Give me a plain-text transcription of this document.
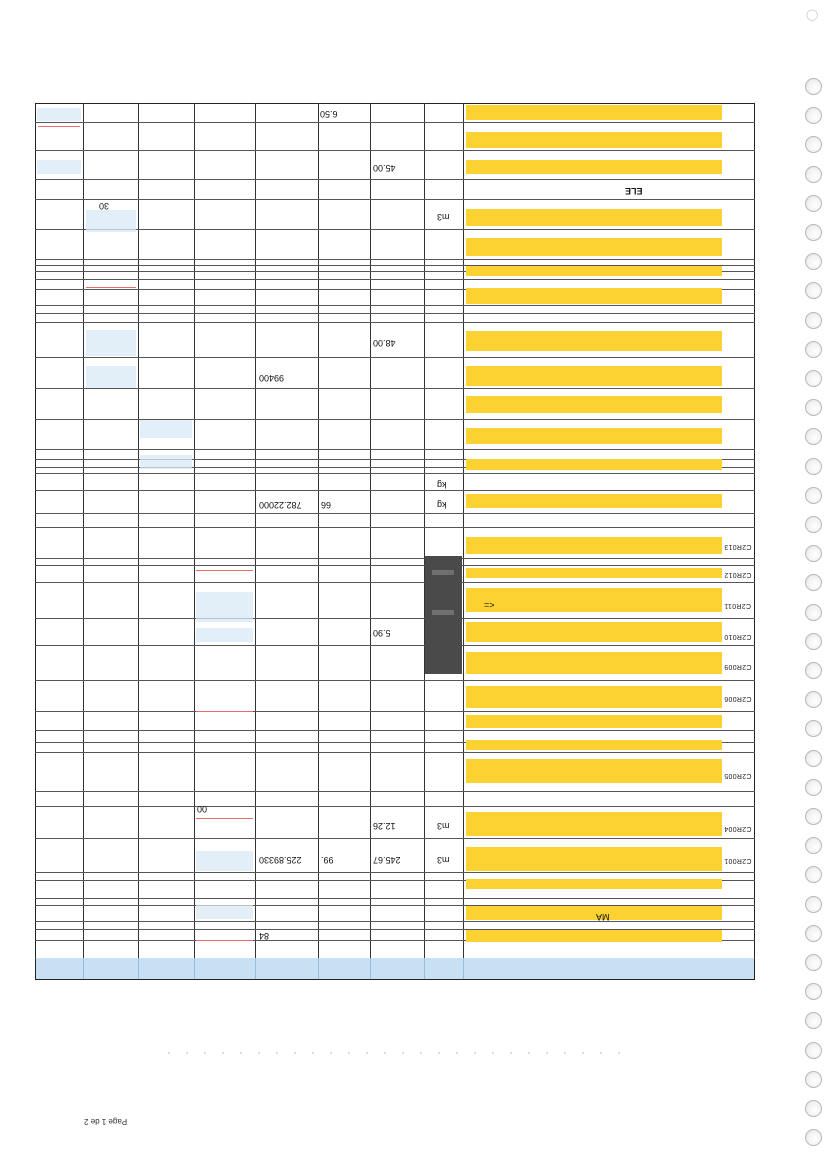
◯
6.50
45.00
30
48.00
99400
782.22000 66
5.90
12.26
245.67
225.89330 99.
84
00
m3
kg
kg
m3
m3
C2R013
C2R012
C2R011
C2R010
C2R009
C2R006
C2R005
C2R004
C2R001
ELE
MA
<=
Page 1 de 2
